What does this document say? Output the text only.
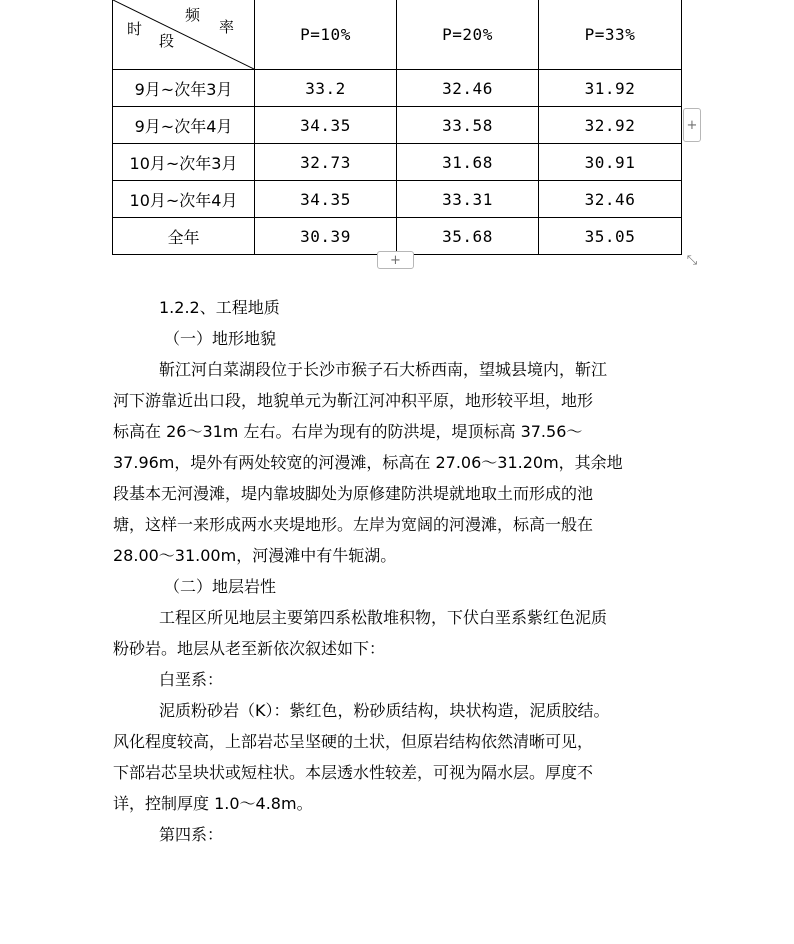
频
率
时
段	P=10%	P=20%	P=33%
9月~次年3月	33.2	32.46	31.92
9月~次年4月	34.35	33.58	32.92
10月~次年3月	32.73	31.68	30.91
10月~次年4月	34.35	33.31	32.46
全年	30.39	35.68	35.05
+
+	⤡
1.2.2、工程地质
（一）地形地貌
靳江河白菜湖段位于长沙市猴子石大桥西南，望城县境内，靳江
河下游靠近出口段，地貌单元为靳江河冲积平原，地形较平坦，地形
标高在 26～31m 左右。右岸为现有的防洪堤，堤顶标高 37.56～
37.96m，堤外有两处较宽的河漫滩，标高在 27.06～31.20m，其余地
段基本无河漫滩，堤内靠坡脚处为原修建防洪堤就地取土而形成的池
塘，这样一来形成两水夹堤地形。左岸为宽阔的河漫滩，标高一般在
28.00～31.00m，河漫滩中有牛轭湖。
（二）地层岩性
工程区所见地层主要第四系松散堆积物，下伏白垩系紫红色泥质
粉砂岩。地层从老至新依次叙述如下：
白垩系：
泥质粉砂岩（K）：紫红色，粉砂质结构，块状构造，泥质胶结。
风化程度较高，上部岩芯呈坚硬的土状，但原岩结构依然清晰可见，
下部岩芯呈块状或短柱状。本层透水性较差，可视为隔水层。厚度不
详，控制厚度 1.0～4.8m。
第四系：
